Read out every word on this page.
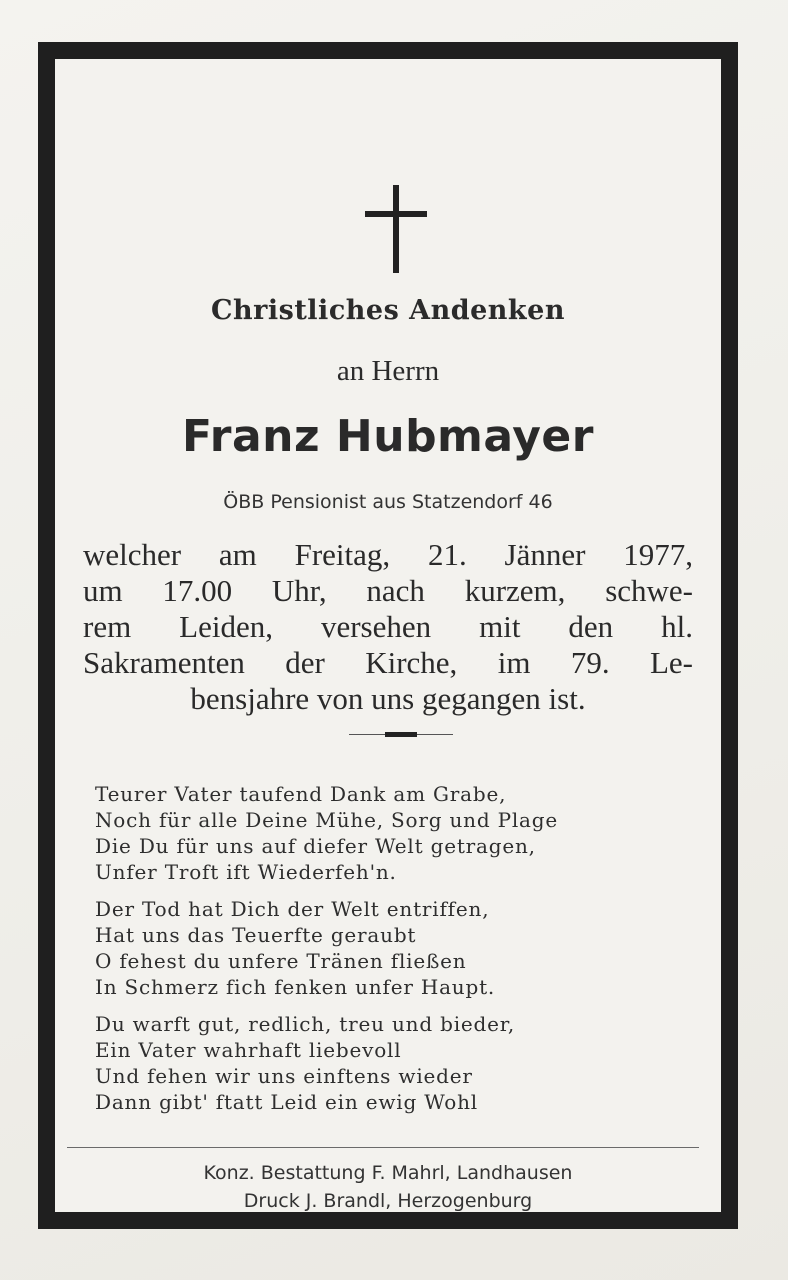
Christliches Andenken
an Herrn
Franz Hubmayer
ÖBB Pensionist aus Statzendorf 46
welcher am Freitag, 21. Jänner 1977,
um 17.00 Uhr, nach kurzem, schwe-
rem Leiden, versehen mit den hl.
Sakramenten der Kirche, im 79. Le-
bensjahre von uns gegangen ist.
Teurer Vater taufend Dank am Grabe,
Noch für alle Deine Mühe, Sorg und Plage
Die Du für uns auf diefer Welt getragen,
Unfer Troft ift Wiederfeh'n.
Der Tod hat Dich der Welt entriffen,
Hat uns das Teuerfte geraubt
O fehest du unfere Tränen fließen
In Schmerz fich fenken unfer Haupt.
Du warft gut, redlich, treu und bieder,
Ein Vater wahrhaft liebevoll
Und fehen wir uns einftens wieder
Dann gibt' ftatt Leid ein ewig Wohl
Konz. Bestattung F. Mahrl, Landhausen
Druck J. Brandl, Herzogenburg
